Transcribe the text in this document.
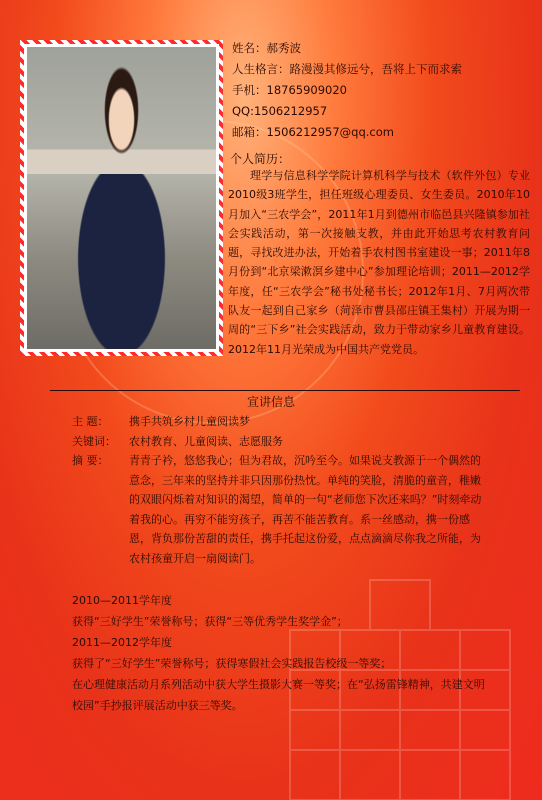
姓名：郝秀波
人生格言：路漫漫其修远兮，吾将上下而求索
手机：18765909020
QQ:1506212957
邮箱：1506212957@qq.com
个人简历：
理学与信息科学学院计算机科学与技术（软件外包）专业2010级3班学生，担任班级心理委员、女生委员。2010年10月加入“三农学会”，2011年1月到德州市临邑县兴隆镇参加社会实践活动，第一次接触支教，并由此开始思考农村教育问题，寻找改进办法，开始着手农村图书室建设一事；2011年8月份到“北京梁漱溟乡建中心”参加理论培训；2011—2012学年度，任“三农学会”秘书处秘书长；2012年1月、7月两次带队友一起到自己家乡（菏泽市曹县邵庄镇王集村）开展为期一周的“三下乡”社会实践活动，致力于带动家乡儿童教育建设。2012年11月光荣成为中国共产党党员。
宣讲信息
主 题：	携手共筑乡村儿童阅读梦
关键词：	农村教育、儿童阅读、志愿服务
摘 要：	青青子衿，悠悠我心；但为君故，沉吟至今。如果说支教源于一个偶然的意念，三年来的坚持并非只因那份热忱。单纯的笑脸，清脆的童音，稚嫩的双眼闪烁着对知识的渴望，简单的一句“老师您下次还来吗？”时刻牵动着我的心。再穷不能穷孩子，再苦不能苦教育。系一丝感动，携一份感恩，背负那份苦甜的责任，携手托起这份爱，点点滴滴尽你我之所能，为农村孩童开启一扇阅读门。
2010—2011学年度
获得“三好学生”荣誉称号；获得“三等优秀学生奖学金”；
2011—2012学年度
获得了“三好学生”荣誉称号；获得寒假社会实践报告校级一等奖；
在心理健康活动月系列活动中获大学生摄影大赛一等奖；在“弘扬雷锋精神，共建文明校园”手抄报评展活动中获三等奖。
